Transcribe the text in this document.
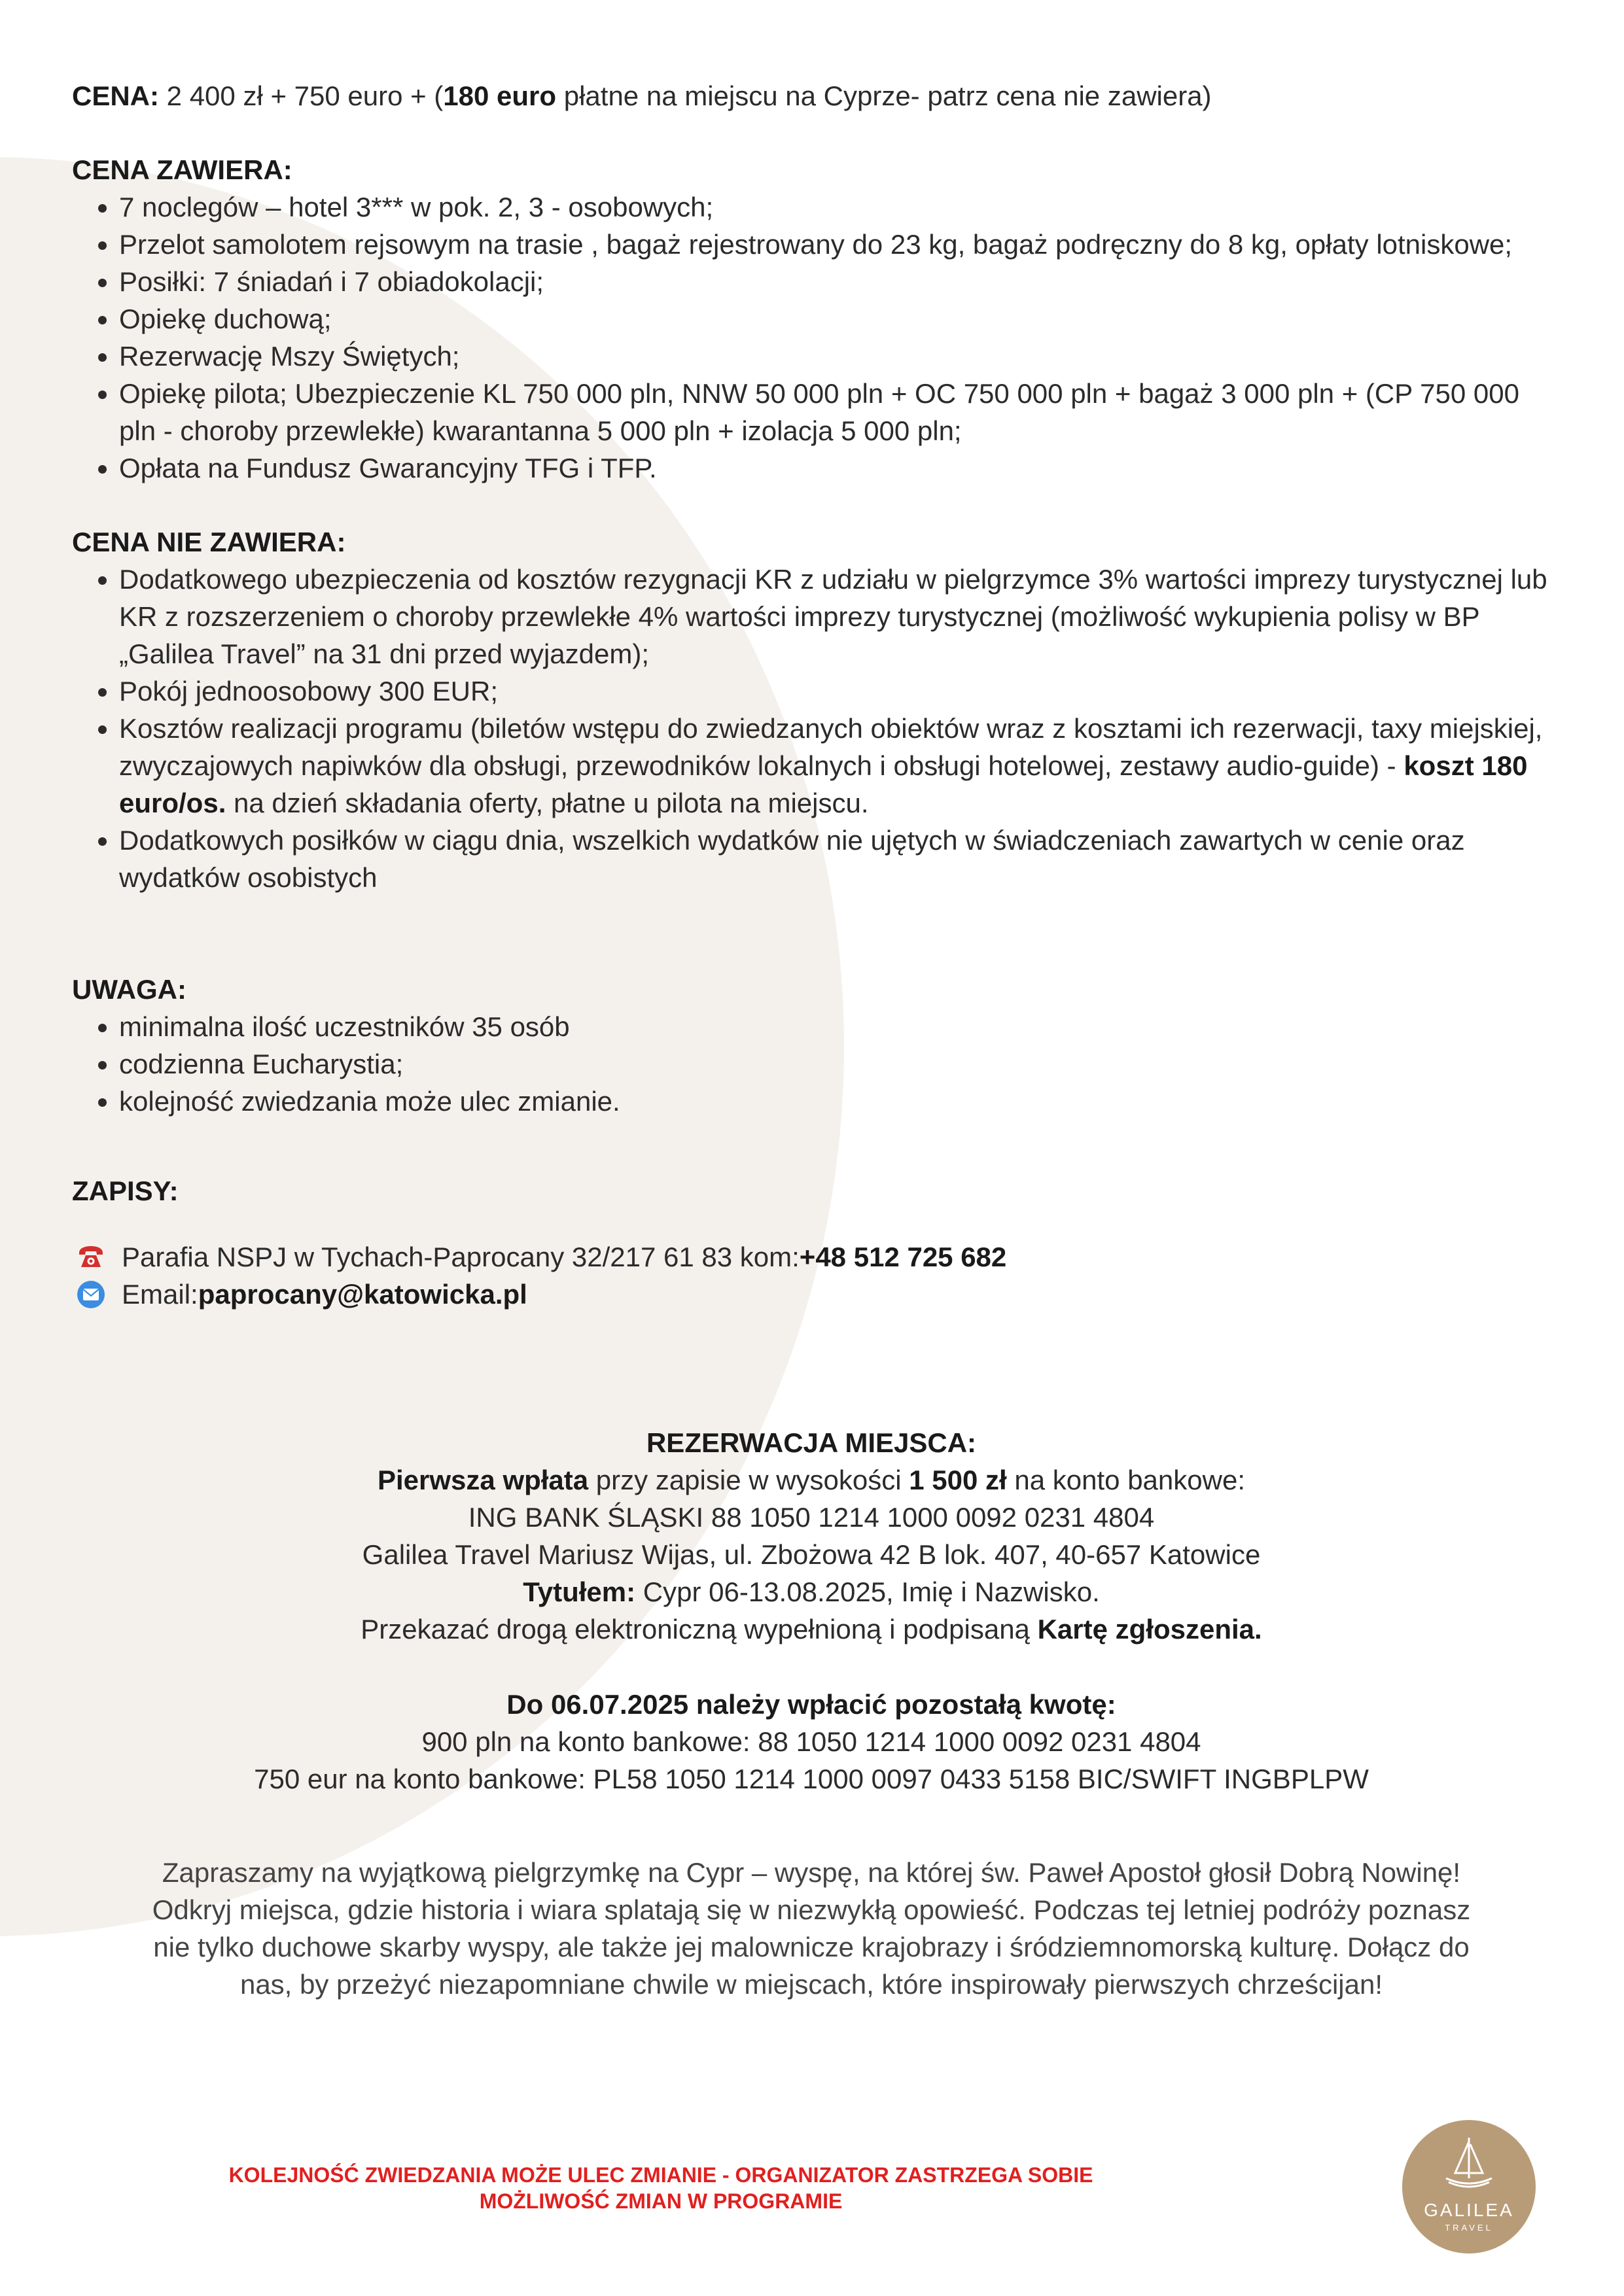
CENA: 2 400 zł + 750 euro + (180 euro płatne na miejscu na Cyprze- patrz cena nie zawiera)

CENA ZAWIERA:

• 7 noclegów – hotel 3*** w pok. 2, 3 - osobowych;
• Przelot samolotem rejsowym na trasie , bagaż rejestrowany do 23 kg, bagaż podręczny do 8 kg, opłaty lotniskowe;
• Posiłki: 7 śniadań i 7 obiadokolacji;
• Opiekę duchową;
• Rezerwację Mszy Świętych;
• Opiekę pilota; Ubezpieczenie KL 750 000 pln, NNW 50 000 pln + OC 750 000 pln + bagaż 3 000 pln + (CP 750 000 pln - choroby przewlekłe) kwarantanna 5 000 pln + izolacja 5 000 pln;
• Opłata na Fundusz Gwarancyjny TFG i TFP.

CENA NIE ZAWIERA:

• Dodatkowego ubezpieczenia od kosztów rezygnacji KR z udziału w pielgrzymce 3% wartości imprezy turystycznej lub KR z rozszerzeniem o choroby przewlekłe 4% wartości imprezy turystycznej (możliwość wykupienia polisy w BP „Galilea Travel” na 31 dni przed wyjazdem);
• Pokój jednoosobowy 300 EUR;
• Kosztów realizacji programu (biletów wstępu do zwiedzanych obiektów wraz z kosztami ich rezerwacji, taxy miejskiej, zwyczajowych napiwków dla obsługi, przewodników lokalnych i obsługi hotelowej, zestawy audio-guide) - koszt 180 euro/os. na dzień składania oferty, płatne u pilota na miejscu.
• Dodatkowych posiłków w ciągu dnia, wszelkich wydatków nie ujętych w świadczeniach zawartych w cenie oraz wydatków osobistych

UWAGA:

• minimalna ilość uczestników 35 osób
• codzienna Eucharystia;
• kolejność zwiedzania może ulec zmianie.

ZAPISY:

Parafia NSPJ w Tychach-Paprocany 32/217 61 83 kom: +48 512 725 682
Email: paprocany@katowicka.pl
REZERWACJA MIEJSCA:
Pierwsza wpłata przy zapisie w wysokości 1 500 zł na konto bankowe:
ING BANK ŚLĄSKI 88 1050 1214 1000 0092 0231 4804
Galilea Travel Mariusz Wijas, ul. Zbożowa 42 B lok. 407, 40-657 Katowice
Tytułem: Cypr 06-13.08.2025, Imię i Nazwisko.
Przekazać drogą elektroniczną wypełnioną i podpisaną Kartę zgłoszenia.
Do 06.07.2025 należy wpłacić pozostałą kwotę:
900 pln na konto bankowe: 88 1050 1214 1000 0092 0231 4804
750 eur na konto bankowe: PL58 1050 1214 1000 0097 0433 5158 BIC/SWIFT INGBPLPW
Zapraszamy na wyjątkową pielgrzymkę na Cypr – wyspę, na której św. Paweł Apostoł głosił Dobrą Nowinę! Odkryj miejsca, gdzie historia i wiara splatają się w niezwykłą opowieść. Podczas tej letniej podróży poznasz nie tylko duchowe skarby wyspy, ale także jej malownicze krajobrazy i śródziemnomorską kulturę. Dołącz do nas, by przeżyć niezapomniane chwile w miejscach, które inspirowały pierwszych chrześcijan!
KOLEJNOŚĆ ZWIEDZANIA MOŻE ULEC ZMIANIE - ORGANIZATOR ZASTRZEGA SOBIE
MOŻLIWOŚĆ ZMIAN W PROGRAMIE	GALILEA
TRAVEL
